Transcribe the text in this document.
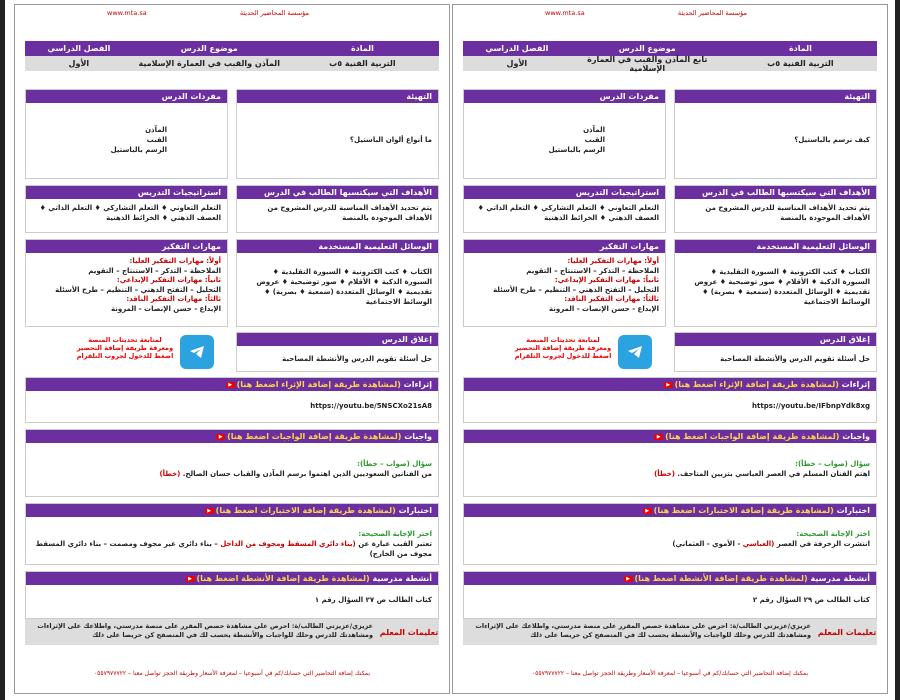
مؤسسة المحاضير الحديثة
www.mta.sa
المادة
موضوع الدرس
الفصل الدراسي
التربية الفنية ٥ب
تابع المآذن والقبب في العمارة الإسلامية
الأول
التهيئة
كيف نرسم بالباستيل؟
مفردات الدرس
المآذن
القبب
الرسم بالباستيل
الأهداف التي سيكتسبها الطالب في الدرس
يتم تحديد الأهداف المناسبة للدرس المشروح من الأهداف الموجودة بالمنصة
استراتيجيات التدريس
التعلم التعاوني ♦ التعلم التشاركي ♦ التعلم الذاتي ♦ العصف الذهني ♦ الخرائط الذهنية
الوسائل التعليمية المستخدمة
الكتاب ♦ كتب الكترونية ♦ السبورة التقليدية ♦ السبورة الذكية ♦ الأقلام ♦ صور توضيحية ♦ عروض تقديمية ♦ الوسائل المتعددة (سمعية ♦ بصرية) ♦ الوسائط الاجتماعية
مهارات التفكير
أولاً: مهارات التفكير العليا:
الملاحظة – التذكر – الاستنتاج – التقويم
ثانياً: مهارات التفكير الإبداعي:
التحليل – التفتح الذهني – التنظيم – طرح الأسئلة
ثالثاً: مهارات التفكير الناقد:
الإبداع - حسن الإنصات - المرونة
إغلاق الدرس
حل أسئلة تقويم الدرس والأنشطة المصاحبة
لمتابعة تحديثات المنصة
ومعرفة طريقة إضافة التحضير
اضغط للدخول لجروب التلقرام
إثراءات (لمشاهدة طريقة إضافة الإثراء اضغط هنا)▶
https://youtu.be/IFbnpYdk8xg
واجبات (لمشاهدة طريقة إضافة الواجبات اضغط هنا)▶
سؤال (صواب – خطأ):
اهتم الفنان المسلم في العصر العباسي بتزيين المتاحف. (خطأ)
اختبارات (لمشاهدة طريقة إضافة الاختبارات اضغط هنا)▶
اختر الإجابة الصحيحة:
انتشرت الزخرفة في العصر (العباسي - الأموي - العثماني)
أنشطة مدرسية (لمشاهدة طريقة إضافة الأنشطة اضغط هنا)▶
كتاب الطالب ص ٢٩ السؤال رقم ٢
تعليمات المعلم
عزيزي/عزيزتي الطالب/ة: احرص على مشاهدة حصص المقرر على منصة مدرستي، واطلاعك على الإثراءات ومشاهدتك للدرس وحلك للواجبات والأنشطة يحسب لك في المتصفح كن حريصا على ذلك
بمكنك إضافة التحاضير التي حسابك/كم في أسبوعيا – لمعرفة الأسعار وطريقة الحجز تواصل معنا – ٠٥٥٧٩٧٧٧٢٢
مؤسسة المحاضير الحديثة
www.mta.sa
المادة
موضوع الدرس
الفصل الدراسي
التربية الفنية ٥ب
المآذن والقبب في العمارة الإسلامية
الأول
التهيئة
ما أنواع ألوان الباستيل؟
مفردات الدرس
المآذن
القبب
الرسم بالباستيل
الأهداف التي سيكتسبها الطالب في الدرس
يتم تحديد الأهداف المناسبة للدرس المشروح من الأهداف الموجودة بالمنصة
استراتيجيات التدريس
التعلم التعاوني ♦ التعلم التشاركي ♦ التعلم الذاتي ♦ العصف الذهني ♦ الخرائط الذهنية
الوسائل التعليمية المستخدمة
الكتاب ♦ كتب الكترونية ♦ السبورة التقليدية ♦ السبورة الذكية ♦ الأقلام ♦ صور توضيحية ♦ عروض تقديمية ♦ الوسائل المتعددة (سمعية ♦ بصرية) ♦ الوسائط الاجتماعية
مهارات التفكير
أولاً: مهارات التفكير العليا:
الملاحظة – التذكر – الاستنتاج – التقويم
ثانياً: مهارات التفكير الإبداعي:
التحليل – التفتح الذهني – التنظيم – طرح الأسئلة
ثالثاً: مهارات التفكير الناقد:
الإبداع - حسن الإنصات - المرونة
إغلاق الدرس
حل أسئلة تقويم الدرس والأنشطة المصاحبة
لمتابعة تحديثات المنصة
ومعرفة طريقة إضافة التحضير
اضغط للدخول لجروب التلقرام
إثراءات (لمشاهدة طريقة إضافة الإثراء اضغط هنا)▶
https://youtu.be/5NSCXo21sA8
واجبات (لمشاهدة طريقة إضافة الواجبات اضغط هنا)▶
سؤال (صواب – خطأ):
من الفنانين السعوديين الذين اهتموا برسم المآذن والقباب حسان الصالح. (خطأ)
اختبارات (لمشاهدة طريقة إضافة الاختبارات اضغط هنا)▶
اختر الإجابة الصحيحة:
تعتبر القبب عبارة عن (بناء دائري المسقط ومجوف من الداخل – بناء دائري غير مجوف ومصمت – بناء دائري المسقط مجوف من الخارج)
أنشطة مدرسية (لمشاهدة طريقة إضافة الأنشطة اضغط هنا)▶
كتاب الطالب ص ٢٧ السؤال رقم ١
تعليمات المعلم
عزيزي/عزيزتي الطالب/ة: احرص على مشاهدة حصص المقرر على منصة مدرستي، واطلاعك على الإثراءات ومشاهدتك للدرس وحلك للواجبات والأنشطة يحسب لك في المتصفح كن حريصا على ذلك
بمكنك إضافة التحاضير التي حسابك/كم في أسبوعيا – لمعرفة الأسعار وطريقة الحجز تواصل معنا – ٠٥٥٧٩٧٧٧٢٢
